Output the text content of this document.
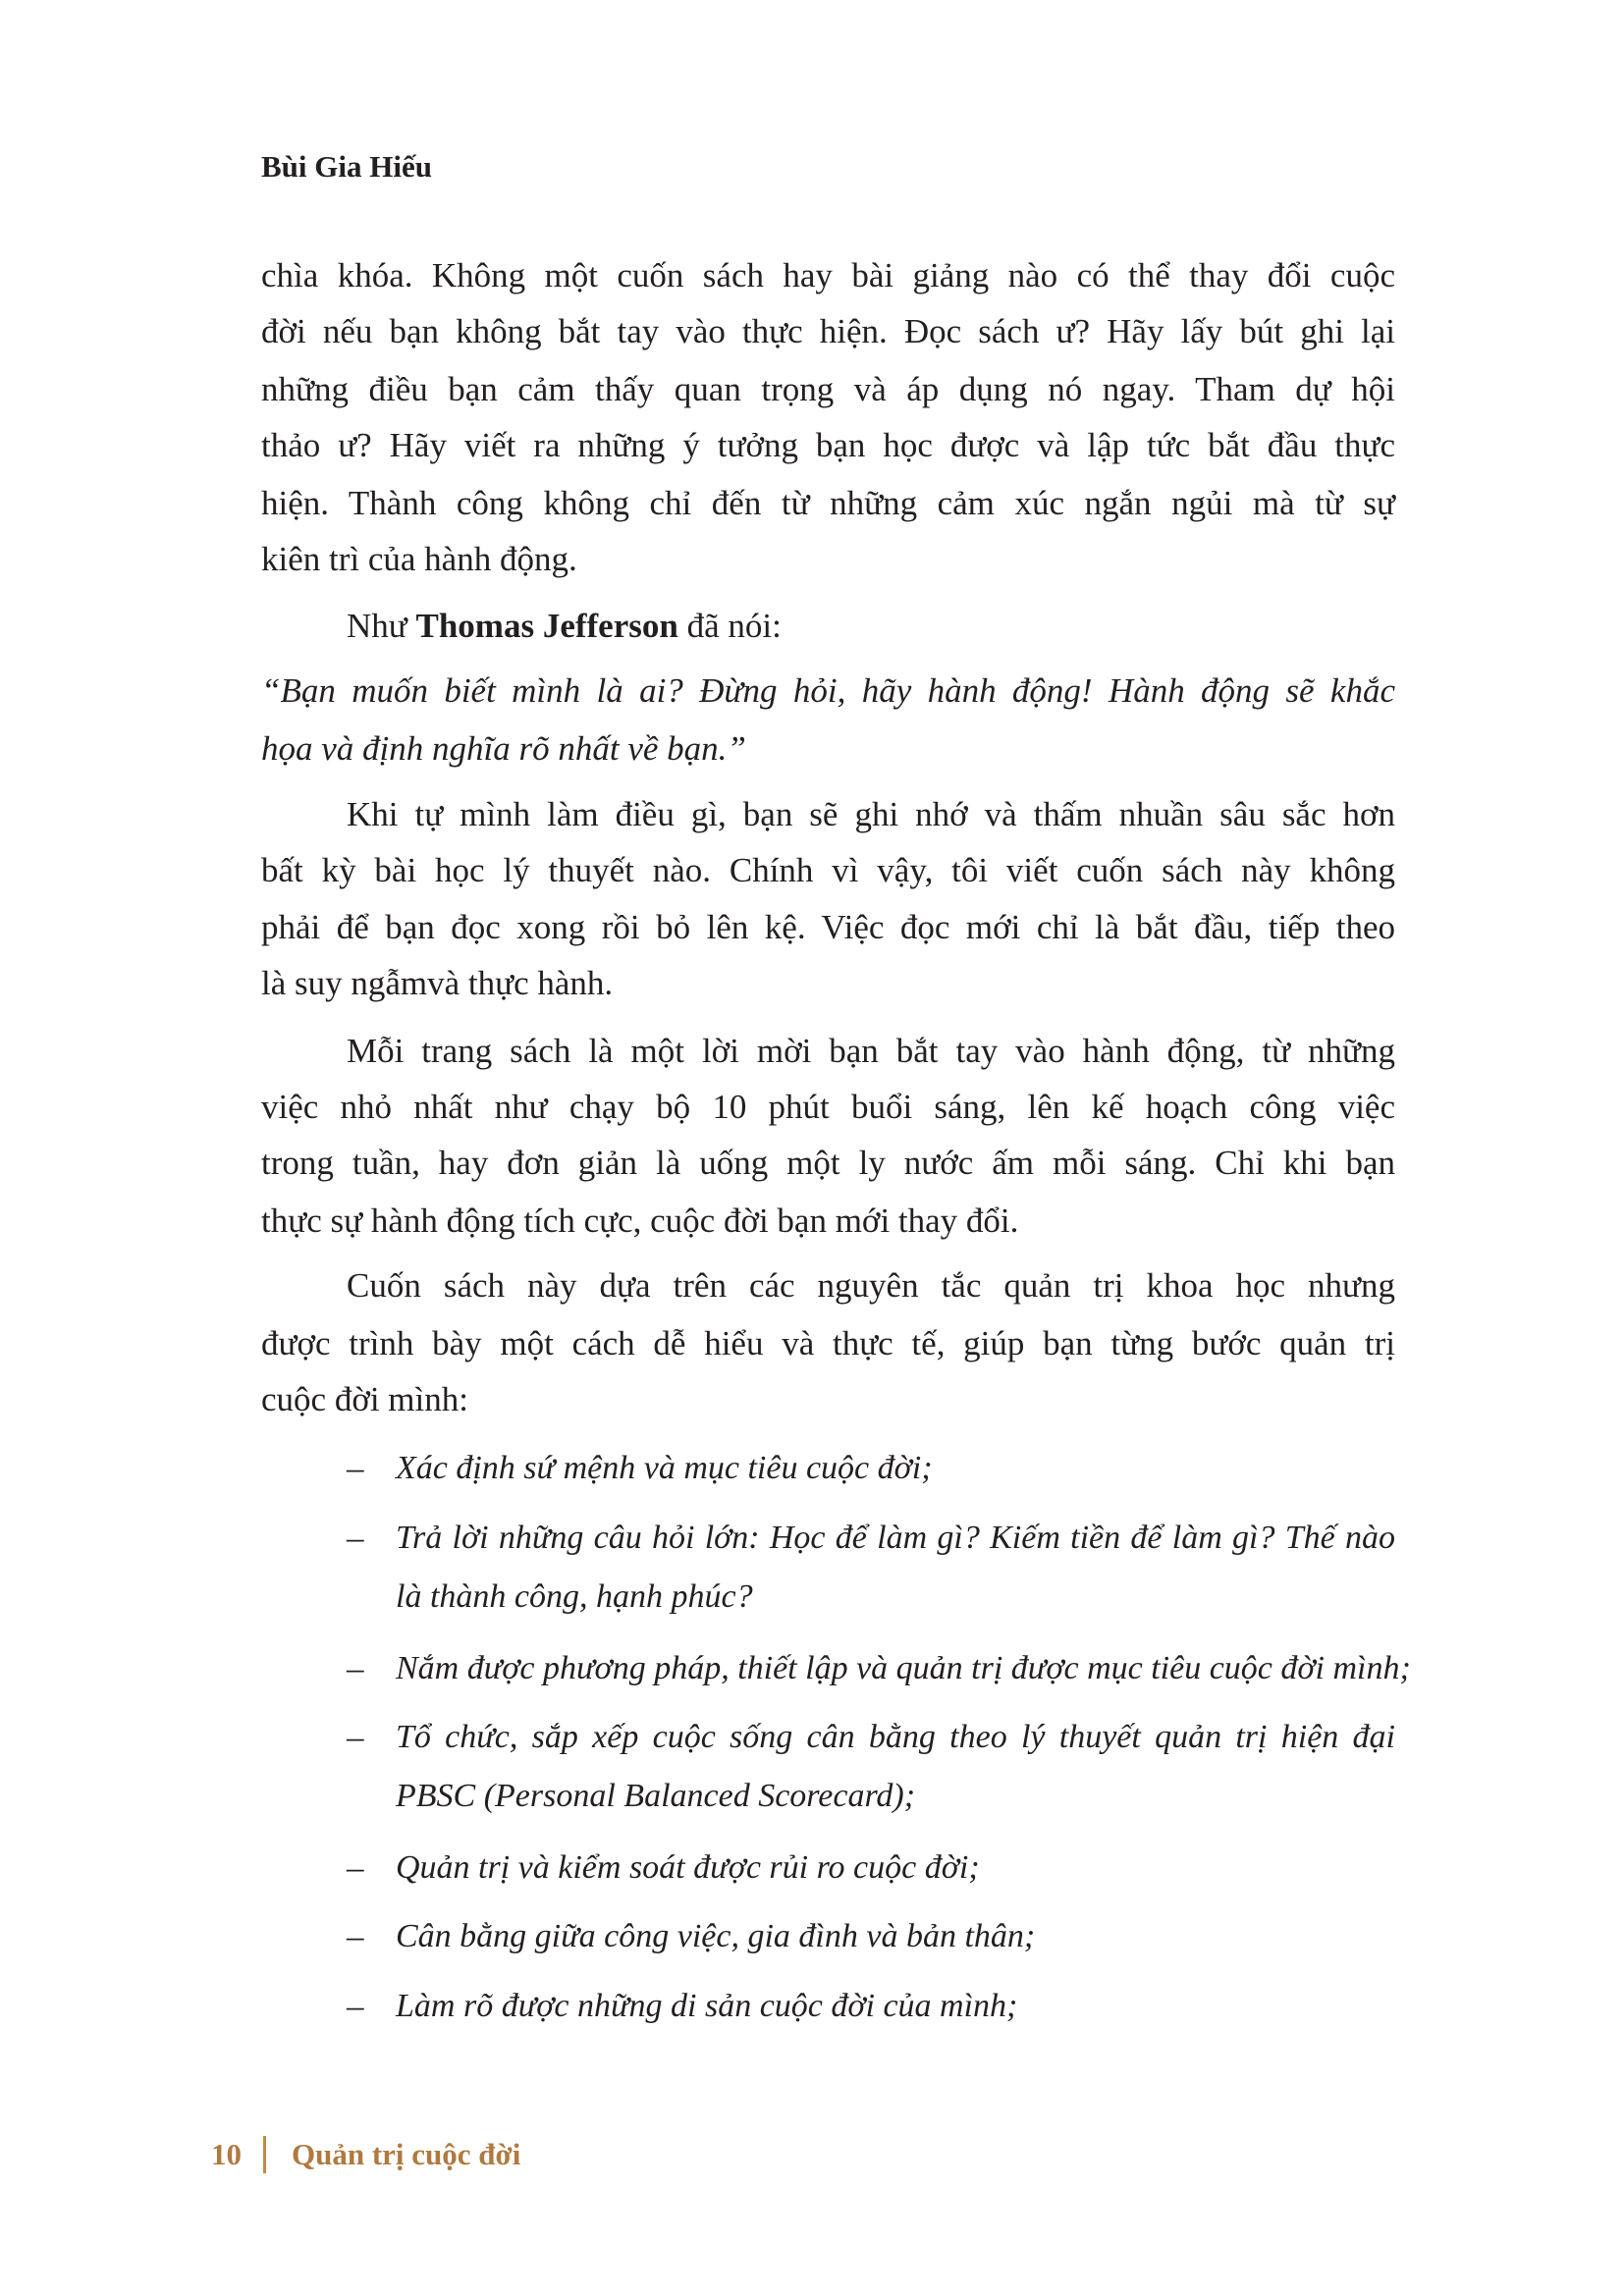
Bùi Gia Hiếu
chìa khóa. Không một cuốn sách hay bài giảng nào có thể thay đổi cuộc
đời nếu bạn không bắt tay vào thực hiện. Đọc sách ư? Hãy lấy bút ghi lại
những điều bạn cảm thấy quan trọng và áp dụng nó ngay. Tham dự hội
thảo ư? Hãy viết ra những ý tưởng bạn học được và lập tức bắt đầu thực
hiện. Thành công không chỉ đến từ những cảm xúc ngắn ngủi mà từ sự
kiên trì của hành động.
Như Thomas Jefferson đã nói:
“Bạn muốn biết mình là ai? Đừng hỏi, hãy hành động! Hành động sẽ khắc
họa và định nghĩa rõ nhất về bạn.”
Khi tự mình làm điều gì, bạn sẽ ghi nhớ và thấm nhuần sâu sắc hơn
bất kỳ bài học lý thuyết nào. Chính vì vậy, tôi viết cuốn sách này không
phải để bạn đọc xong rồi bỏ lên kệ. Việc đọc mới chỉ là bắt đầu, tiếp theo
là suy ngẫmvà thực hành.
Mỗi trang sách là một lời mời bạn bắt tay vào hành động, từ những
việc nhỏ nhất như chạy bộ 10 phút buổi sáng, lên kế hoạch công việc
trong tuần, hay đơn giản là uống một ly nước ấm mỗi sáng. Chỉ khi bạn
thực sự hành động tích cực, cuộc đời bạn mới thay đổi.
Cuốn sách này dựa trên các nguyên tắc quản trị khoa học nhưng
được trình bày một cách dễ hiểu và thực tế, giúp bạn từng bước quản trị
cuộc đời mình:
– Xác định sứ mệnh và mục tiêu cuộc đời;
– Trả lời những câu hỏi lớn: Học để làm gì? Kiếm tiền để làm gì? Thế nào
là thành công, hạnh phúc?
– Nắm được phương pháp, thiết lập và quản trị được mục tiêu cuộc đời mình;
– Tổ chức, sắp xếp cuộc sống cân bằng theo lý thuyết quản trị hiện đại
PBSC (Personal Balanced Scorecard);
– Quản trị và kiểm soát được rủi ro cuộc đời;
– Cân bằng giữa công việc, gia đình và bản thân;
– Làm rõ được những di sản cuộc đời của mình;
10 Quản trị cuộc đời
